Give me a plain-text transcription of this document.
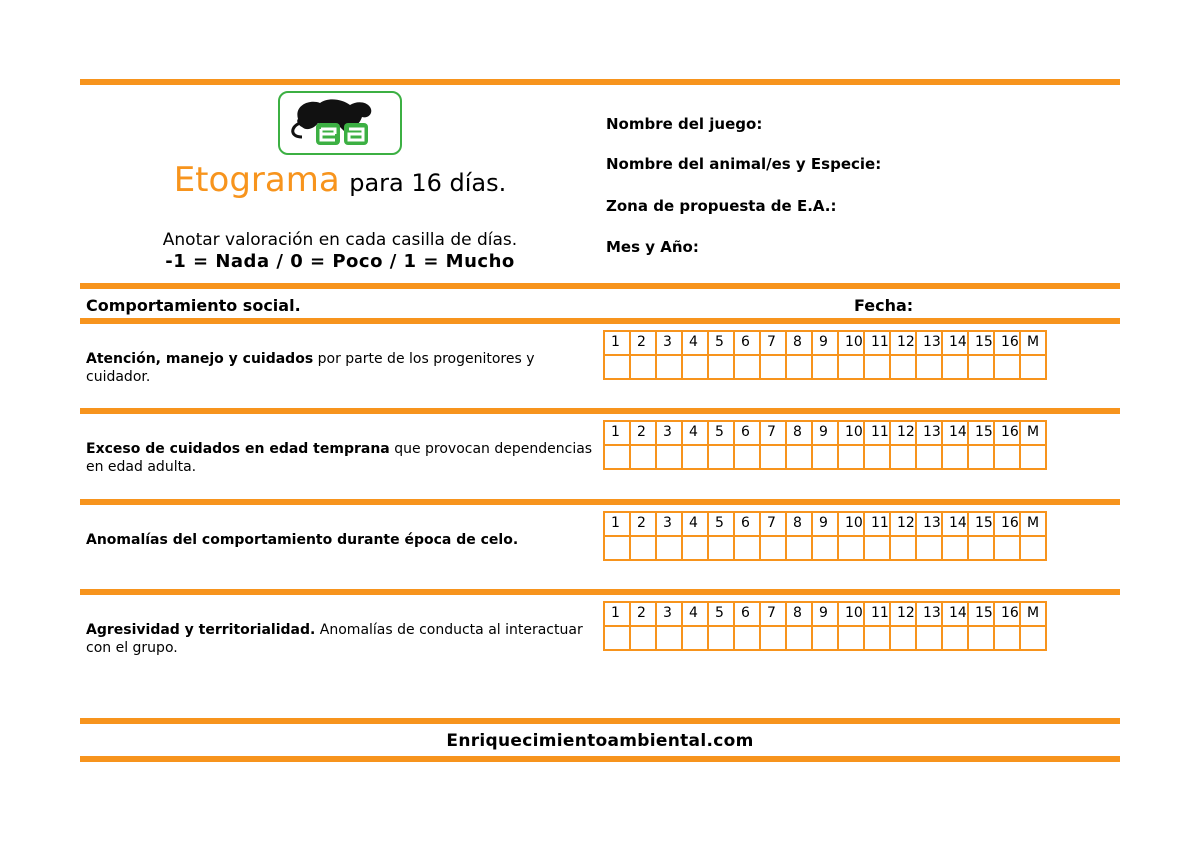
Etograma para 16 días.
Anotar valoración en cada casilla de días.
-1 = Nada / 0 = Poco / 1 = Mucho
Nombre del juego:
Nombre del animal/es y Especie:
Zona de propuesta de E.A.:
Mes y Año:
Comportamiento social.	Fecha:
Atención, manejo y cuidados por parte de los progenitores y cuidador.
1	2	3	4	5	6	7	8	9	10	11	12	13	14	15	16	M

Exceso de cuidados en edad temprana que provocan dependencias en edad adulta.
1	2	3	4	5	6	7	8	9	10	11	12	13	14	15	16	M

Anomalías del comportamiento durante época de celo.
1	2	3	4	5	6	7	8	9	10	11	12	13	14	15	16	M

Agresividad y territorialidad. Anomalías de conducta al interactuar con el grupo.
1	2	3	4	5	6	7	8	9	10	11	12	13	14	15	16	M

Enriquecimientoambiental.com
